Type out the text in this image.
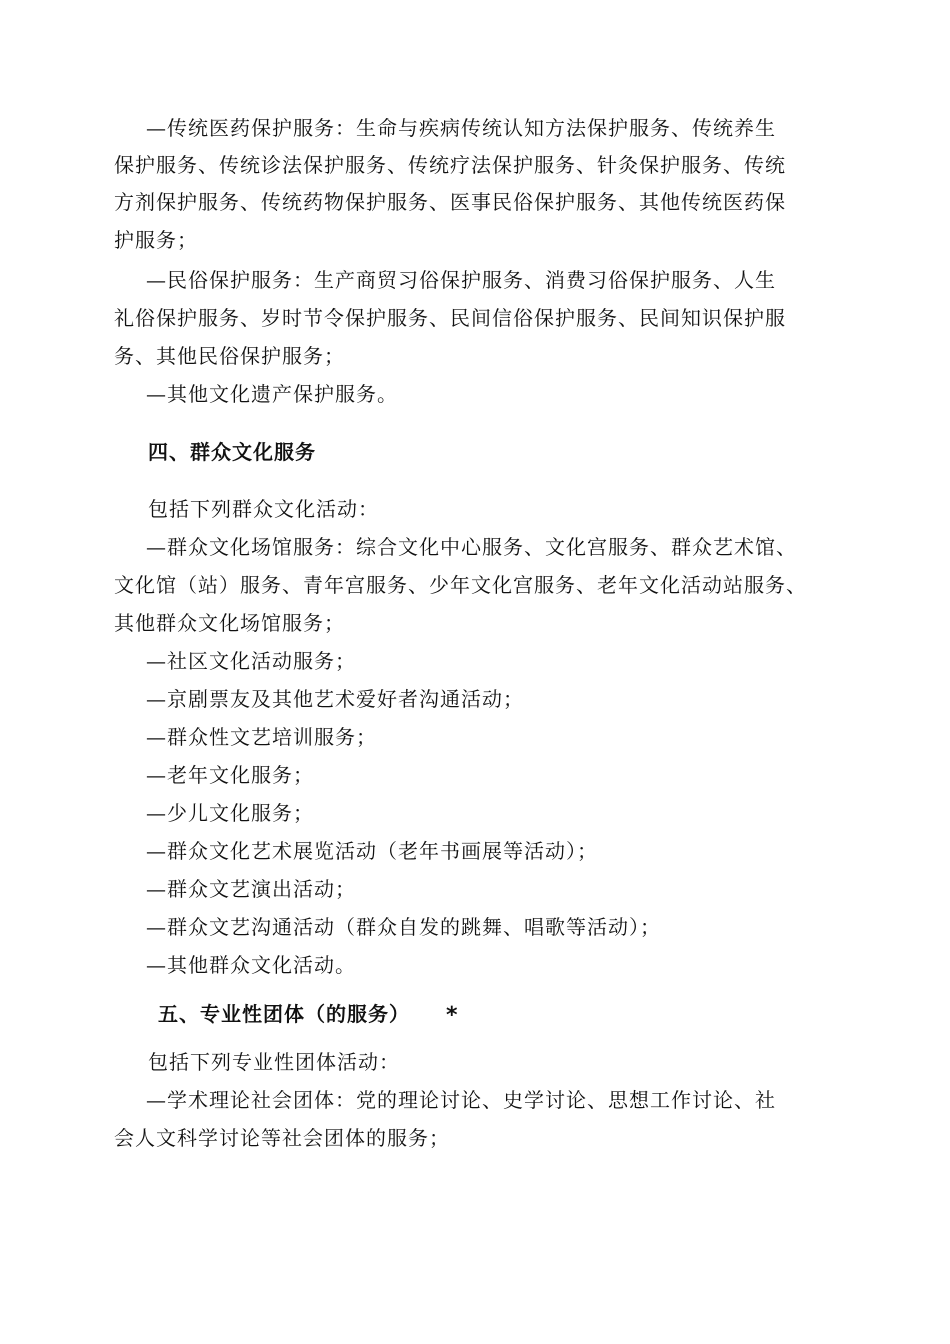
—传统医药保护服务：生命与疾病传统认知方法保护服务、传统养生
保护服务、传统诊法保护服务、传统疗法保护服务、针灸保护服务、传统
方剂保护服务、传统药物保护服务、医事民俗保护服务、其他传统医药保
护服务；
—民俗保护服务：生产商贸习俗保护服务、消费习俗保护服务、人生
礼俗保护服务、岁时节令保护服务、民间信俗保护服务、民间知识保护服
务、其他民俗保护服务；
—其他文化遗产保护服务。
四、群众文化服务
包括下列群众文化活动：
—群众文化场馆服务：综合文化中心服务、文化宫服务、群众艺术馆、
文化馆（站）服务、青年宫服务、少年文化宫服务、老年文化活动站服务、
其他群众文化场馆服务；
—社区文化活动服务；
—京剧票友及其他艺术爱好者沟通活动；
—群众性文艺培训服务；
—老年文化服务；
—少儿文化服务；
—群众文化艺术展览活动（老年书画展等活动）；
—群众文艺演出活动；
—群众文艺沟通活动（群众自发的跳舞、唱歌等活动）；
—其他群众文化活动。
五、专业性团体（的服务） *
包括下列专业性团体活动：
—学术理论社会团体：党的理论讨论、史学讨论、思想工作讨论、社
会人文科学讨论等社会团体的服务；
